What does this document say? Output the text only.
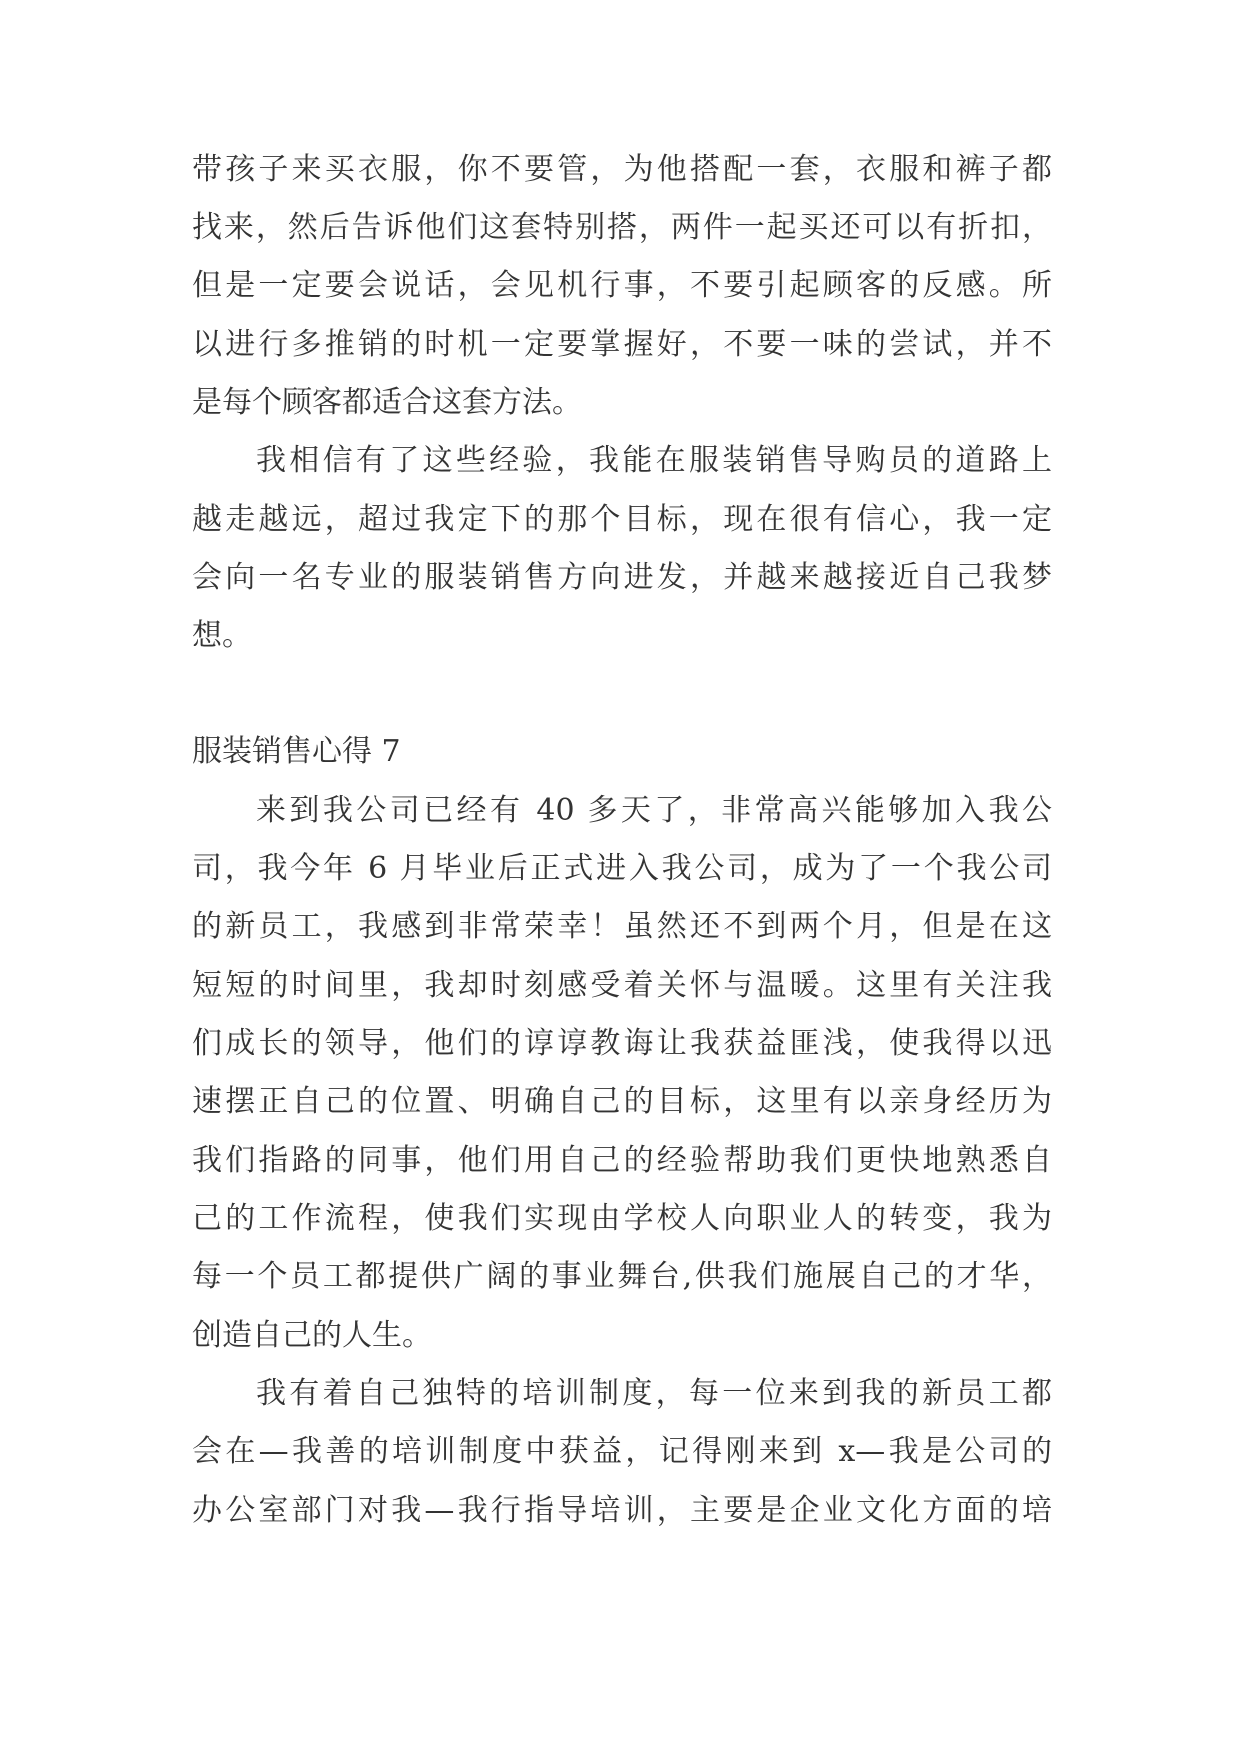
带孩子来买衣服，你不要管，为他搭配一套，衣服和裤子都
找来，然后告诉他们这套特别搭，两件一起买还可以有折扣，
但是一定要会说话，会见机行事，不要引起顾客的反感。所
以进行多推销的时机一定要掌握好，不要一味的尝试，并不
是每个顾客都适合这套方法。
我相信有了这些经验，我能在服装销售导购员的道路上
越走越远，超过我定下的那个目标，现在很有信心，我一定
会向一名专业的服装销售方向进发，并越来越接近自己我梦
想。
服装销售心得 7
来到我公司已经有 40 多天了，非常高兴能够加入我公
司，我今年 6 月毕业后正式进入我公司，成为了一个我公司
的新员工，我感到非常荣幸！虽然还不到两个月，但是在这
短短的时间里，我却时刻感受着关怀与温暖。这里有关注我
们成长的领导，他们的谆谆教诲让我获益匪浅，使我得以迅
速摆正自己的位置、明确自己的目标，这里有以亲身经历为
我们指路的同事，他们用自己的经验帮助我们更快地熟悉自
己的工作流程，使我们实现由学校人向职业人的转变，我为
每一个员工都提供广阔的事业舞台,供我们施展自己的才华，
创造自己的人生。
我有着自己独特的培训制度，每一位来到我的新员工都
会在—我善的培训制度中获益，记得刚来到 x—我是公司的
办公室部门对我—我行指导培训，主要是企业文化方面的培
